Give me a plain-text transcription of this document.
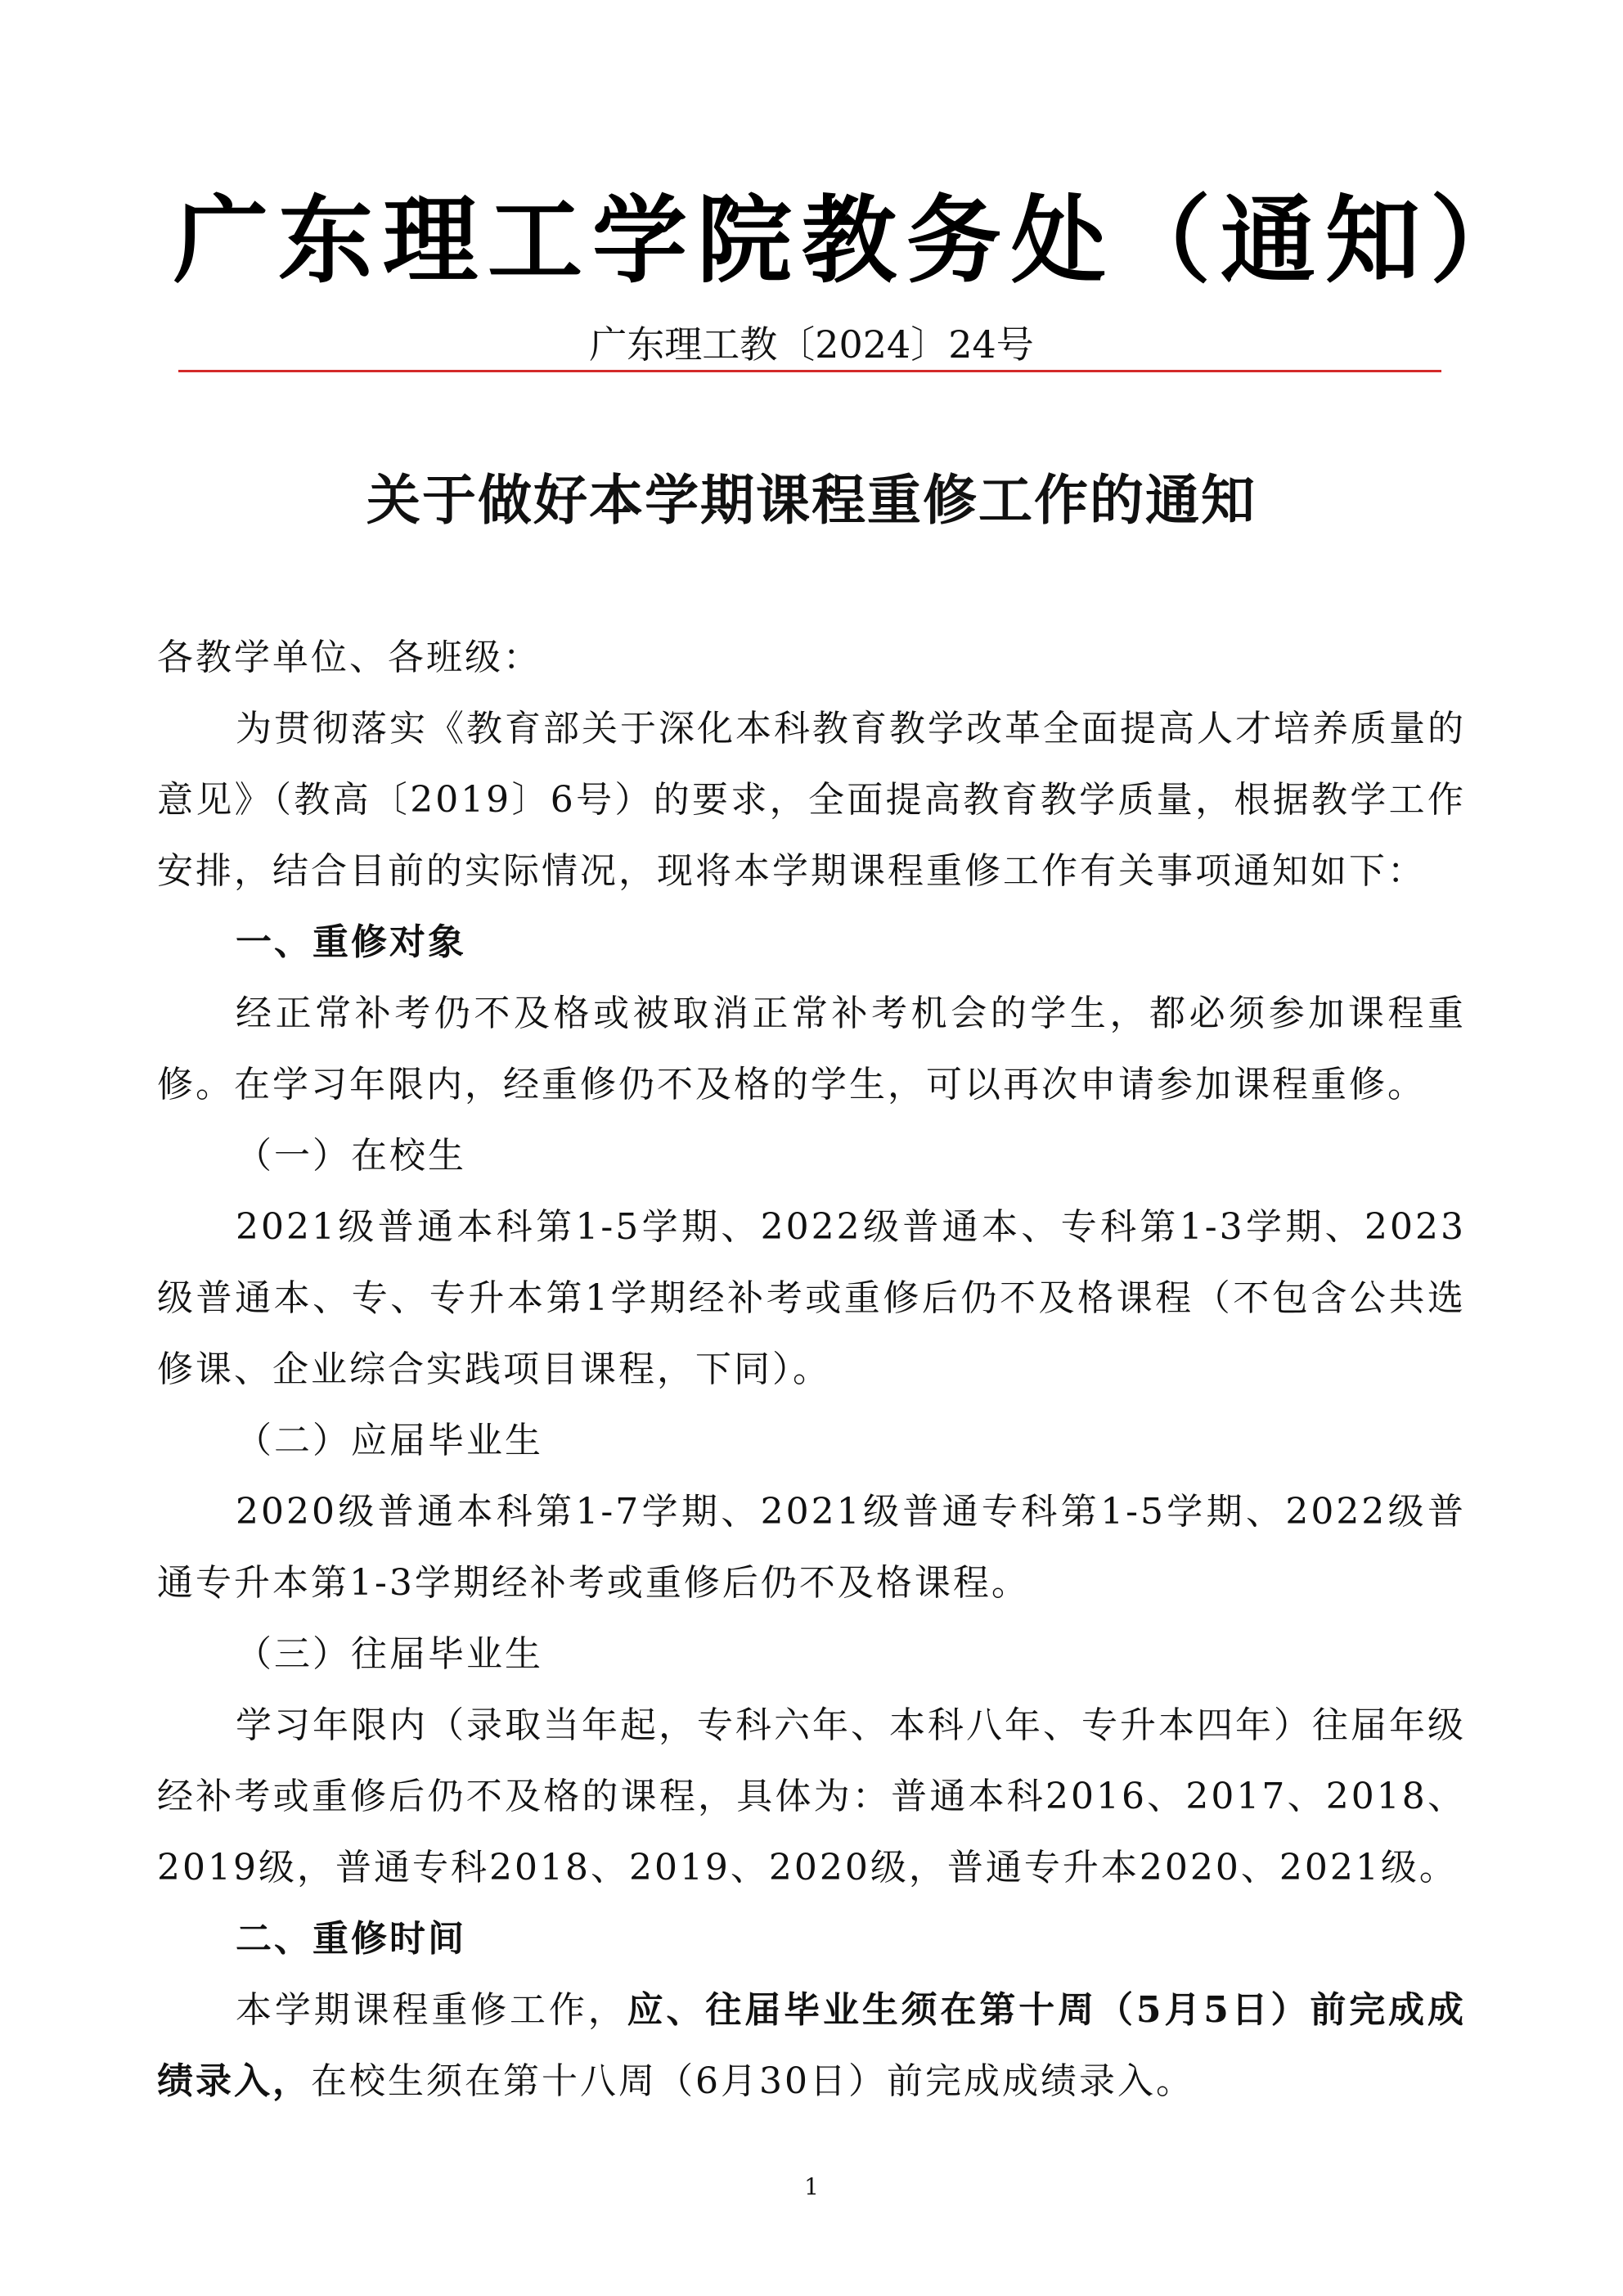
广东理工学院教务处（通知）
广东理工教〔2024〕24号
关于做好本学期课程重修工作的通知

各教学单位、各班级：

为贯彻落实《教育部关于深化本科教育教学改革全面提高人才培养质量的意见》（教高〔2019〕6号）的要求，全面提高教育教学质量，根据教学工作安排，结合目前的实际情况，现将本学期课程重修工作有关事项通知如下：

一、重修对象

经正常补考仍不及格或被取消正常补考机会的学生，都必须参加课程重修。在学习年限内，经重修仍不及格的学生，可以再次申请参加课程重修。

（一）在校生

2021级普通本科第1-5学期、2022级普通本、专科第1-3学期、2023级普通本、专、专升本第1学期经补考或重修后仍不及格课程（不包含公共选修课、企业综合实践项目课程，下同）。

（二）应届毕业生

2020级普通本科第1-7学期、2021级普通专科第1-5学期、2022级普通专升本第1-3学期经补考或重修后仍不及格课程。

（三）往届毕业生

学习年限内（录取当年起，专科六年、本科八年、专升本四年）往届年级经补考或重修后仍不及格的课程，具体为：普通本科2016、2017、2018、2019级，普通专科2018、2019、2020级，普通专升本2020、2021级。

二、重修时间

本学期课程重修工作，应、往届毕业生须在第十周（5月5日）前完成成绩录入，在校生须在第十八周（6月30日）前完成成绩录入。

1
